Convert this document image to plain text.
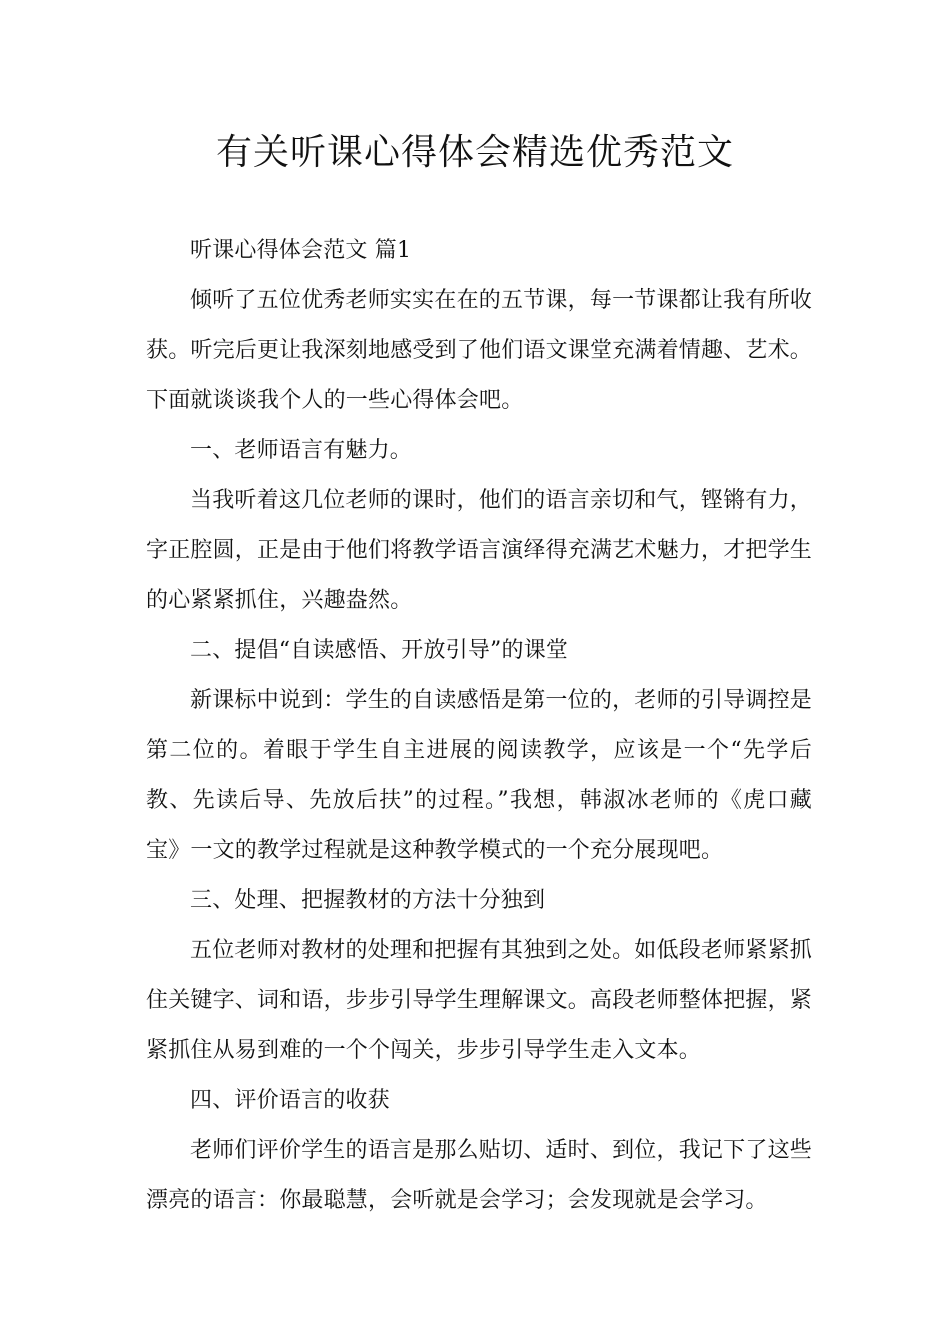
有关听课心得体会精选优秀范文

听课心得体会范文 篇1

倾听了五位优秀老师实实在在的五节课，每一节课都让我有所收获。听完后更让我深刻地感受到了他们语文课堂充满着情趣、艺术。下面就谈谈我个人的一些心得体会吧。

一、老师语言有魅力。

当我听着这几位老师的课时，他们的语言亲切和气，铿锵有力，字正腔圆，正是由于他们将教学语言演绎得充满艺术魅力，才把学生的心紧紧抓住，兴趣盎然。

二、提倡“自读感悟、开放引导”的课堂

新课标中说到：学生的自读感悟是第一位的，老师的引导调控是第二位的。着眼于学生自主进展的阅读教学，应该是一个“先学后教、先读后导、先放后扶”的过程。”我想，韩淑冰老师的《虎口藏宝》一文的教学过程就是这种教学模式的一个充分展现吧。

三、处理、把握教材的方法十分独到

五位老师对教材的处理和把握有其独到之处。如低段老师紧紧抓住关键字、词和语，步步引导学生理解课文。高段老师整体把握，紧紧抓住从易到难的一个个闯关，步步引导学生走入文本。

四、评价语言的收获

老师们评价学生的语言是那么贴切、适时、到位，我记下了这些漂亮的语言：你最聪慧，会听就是会学习；会发现就是会学习。
